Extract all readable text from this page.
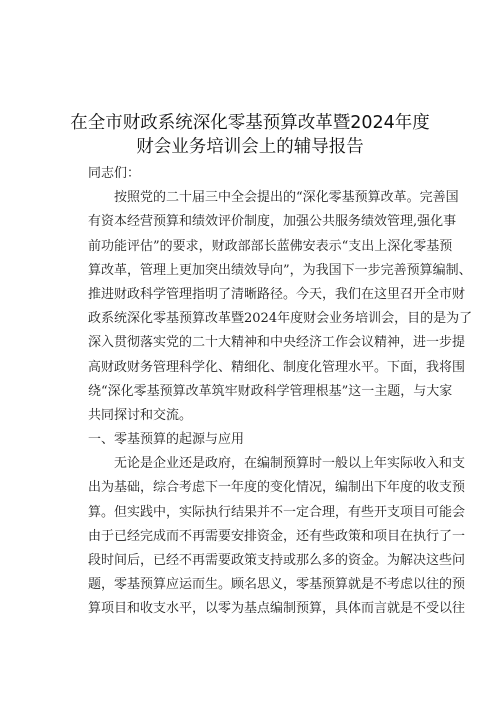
在全市财政系统深化零基预算改革暨2024年度
财会业务培训会上的辅导报告
同志们：
按照党的二十届三中全会提出的“深化零基预算改革。完善国
有资本经营预算和绩效评价制度，加强公共服务绩效管理,强化事
前功能评估”的要求，财政部部长蓝佛安表示“支出上深化零基预
算改革，管理上更加突出绩效导向”，为我国下一步完善预算编制、
推进财政科学管理指明了清晰路径。今天，我们在这里召开全市财
政系统深化零基预算改革暨2024年度财会业务培训会，目的是为了
深入贯彻落实党的二十大精神和中央经济工作会议精神，进一步提
高财政财务管理科学化、精细化、制度化管理水平。下面，我将围
绕“深化零基预算改革筑牢财政科学管理根基”这一主题，与大家
共同探讨和交流。
一、零基预算的起源与应用
无论是企业还是政府，在编制预算时一般以上年实际收入和支
出为基础，综合考虑下一年度的变化情况，编制出下年度的收支预
算。但实践中，实际执行结果并不一定合理，有些开支项目可能会
由于已经完成而不再需要安排资金，还有些政策和项目在执行了一
段时间后，已经不再需要政策支持或那么多的资金。为解决这些问
题，零基预算应运而生。顾名思义，零基预算就是不考虑以往的预
算项目和收支水平，以零为基点编制预算，具体而言就是不受以往
